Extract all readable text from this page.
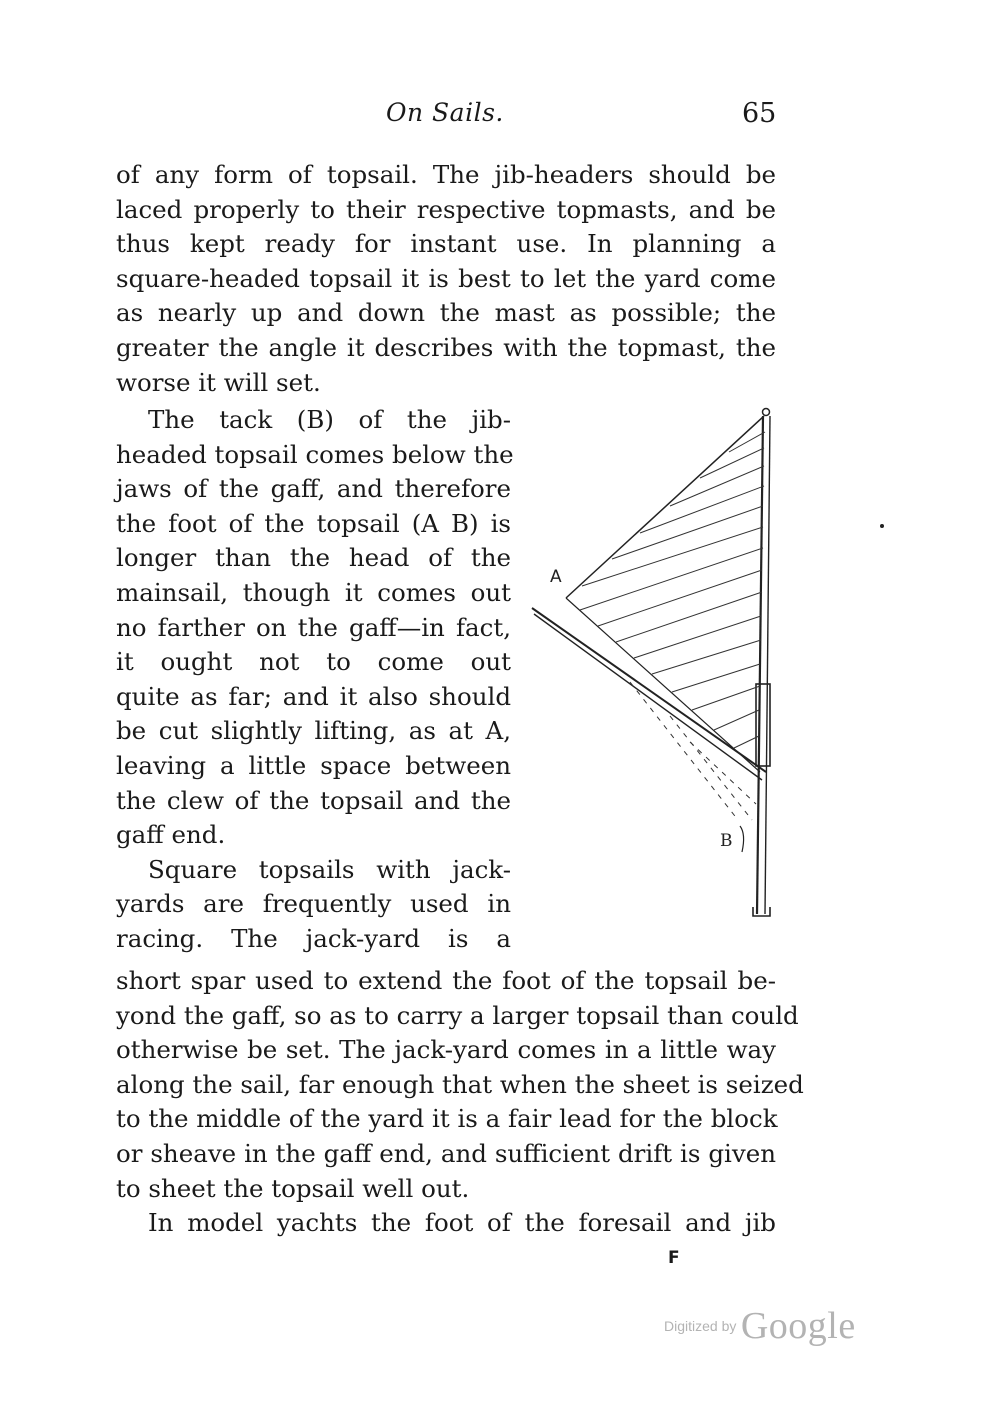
On Sails.	65
of any form of topsail. The jib-headers should be
laced properly to their respective topmasts, and be
thus kept ready for instant use. In planning a
square-headed topsail it is best to let the yard come
as nearly up and down the mast as possible; the
greater the angle it describes with the topmast, the
worse it will set.
The tack (B) of the jib-
headed topsail comes below the
jaws of the gaff, and therefore
the foot of the topsail (A B) is
longer than the head of the
mainsail, though it comes out
no farther on the gaff—in fact,
it ought not to come out
quite as far; and it also should
be cut slightly lifting, as at A,
leaving a little space between
the clew of the topsail and the
gaff end.
Square topsails with jack-
yards are frequently used in
racing. The jack-yard is a
A
B
short spar used to extend the foot of the topsail be-
yond the gaff, so as to carry a larger topsail than could
otherwise be set. The jack-yard comes in a little way
along the sail, far enough that when the sheet is seized
to the middle of the yard it is a fair lead for the block
or sheave in the gaff end, and sufficient drift is given
to sheet the topsail well out.
In model yachts the foot of the foresail and jib
F
Digitized by Google
